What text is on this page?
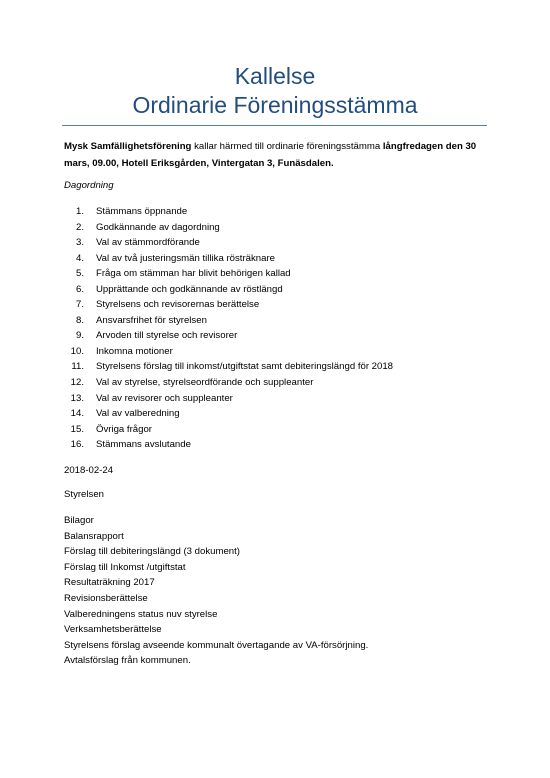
Kallelse
Ordinarie Föreningsstämma
Mysk Samfällighetsförening kallar härmed till ordinarie föreningsstämma långfredagen den 30 mars, 09.00, Hotell Eriksgården, Vintergatan 3, Funäsdalen.
Dagordning
1. Stämmans öppnande
2. Godkännande av dagordning
3. Val av stämmordförande
4. Val av två justeringsmän tillika rösträknare
5. Fråga om stämman har blivit behörigen kallad
6. Upprättande och godkännande av röstlängd
7. Styrelsens och revisorernas berättelse
8. Ansvarsfrihet för styrelsen
9. Arvoden till styrelse och revisorer
10. Inkomna motioner
11. Styrelsens förslag till inkomst/utgiftstat samt debiteringslängd för 2018
12. Val av styrelse, styrelseordförande och suppleanter
13. Val av revisorer och suppleanter
14. Val av valberedning
15. Övriga frågor
16. Stämmans avslutande
2018-02-24
Styrelsen
Bilagor
Balansrapport
Förslag till debiteringslängd (3 dokument)
Förslag till Inkomst /utgiftstat
Resultaträkning 2017
Revisionsberättelse
Valberedningens status nuv styrelse
Verksamhetsberättelse
Styrelsens förslag avseende kommunalt övertagande av VA-försörjning.
Avtalsförslag från kommunen.
